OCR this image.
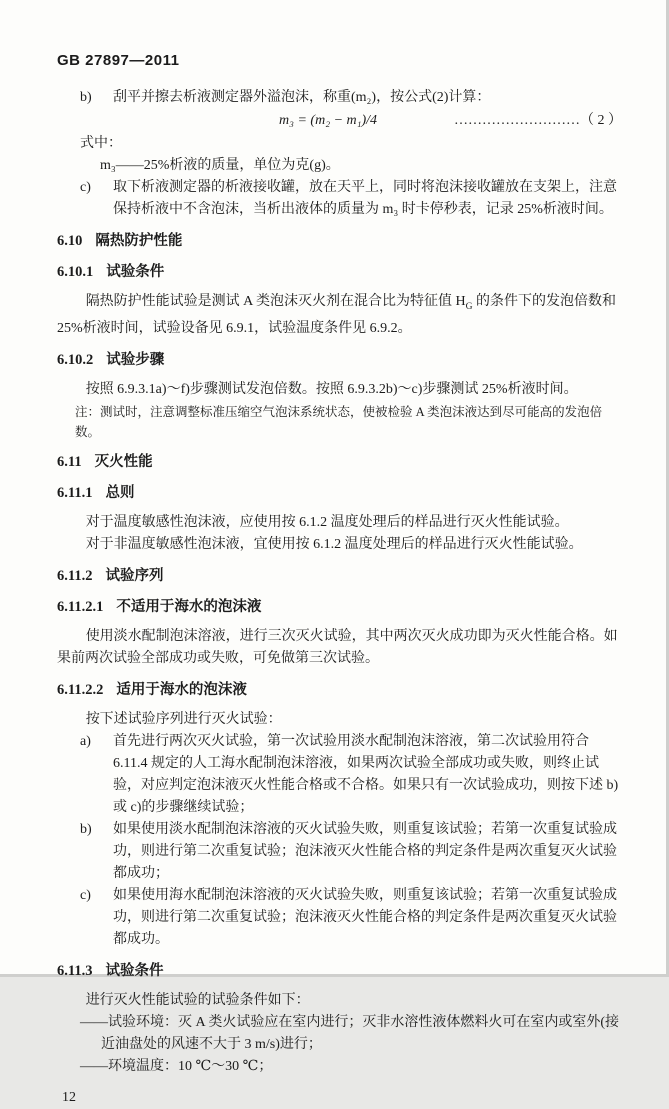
GB 27897—2011
b)	刮平并擦去析液测定器外溢泡沫，称重(m₂)，按公式(2)计算：
m₃ = (m₂ − m₁)/4	……………………… （ 2 ）
式中：
m₃——25%析液的质量，单位为克(g)。
c)	取下析液测定器的析液接收罐，放在天平上，同时将泡沫接收罐放在支架上，注意保持析液中不含泡沫，当析出液体的质量为 m₃ 时卡停秒表，记录 25%析液时间。
6.10 隔热防护性能
6.10.1 试验条件

隔热防护性能试验是测试 A 类泡沫灭火剂在混合比为特征值 $H_G$ 的条件下的发泡倍数和 25%析液时间，试验设备见 6.9.1，试验温度条件见 6.9.2。

6.10.2 试验步骤

按照 6.9.3.1a)～f)步骤测试发泡倍数。按照 6.9.3.2b)～c)步骤测试 25%析液时间。

注：测试时，注意调整标准压缩空气泡沫系统状态，使被检验 A 类泡沫液达到尽可能高的发泡倍数。

6.11 灭火性能
6.11.1 总则

对于温度敏感性泡沫液，应使用按 6.1.2 温度处理后的样品进行灭火性能试验。

对于非温度敏感性泡沫液，宜使用按 6.1.2 温度处理后的样品进行灭火性能试验。

6.11.2 试验序列
6.11.2.1 不适用于海水的泡沫液

使用淡水配制泡沫溶液，进行三次灭火试验，其中两次灭火成功即为灭火性能合格。如果前两次试验全部成功或失败，可免做第三次试验。

6.11.2.2 适用于海水的泡沫液

按下述试验序列进行灭火试验：

a)	首先进行两次灭火试验，第一次试验用淡水配制泡沫溶液，第二次试验用符合 6.11.4 规定的人工海水配制泡沫溶液，如果两次试验全部成功或失败，则终止试验，对应判定泡沫液灭火性能合格或不合格。如果只有一次试验成功，则按下述 b)或 c)的步骤继续试验；
b)	如果使用淡水配制泡沫溶液的灭火试验失败，则重复该试验；若第一次重复试验成功，则进行第二次重复试验；泡沫液灭火性能合格的判定条件是两次重复灭火试验都成功；
c)	如果使用海水配制泡沫溶液的灭火试验失败，则重复该试验；若第一次重复试验成功，则进行第二次重复试验；泡沫液灭火性能合格的判定条件是两次重复灭火试验都成功。
6.11.3 试验条件

进行灭火性能试验的试验条件如下：

——试验环境：灭 A 类火试验应在室内进行；灭非水溶性液体燃料火可在室内或室外(接近油盘处的风速不大于 3 m/s)进行；

——环境温度：10 ℃～30 ℃；

12
